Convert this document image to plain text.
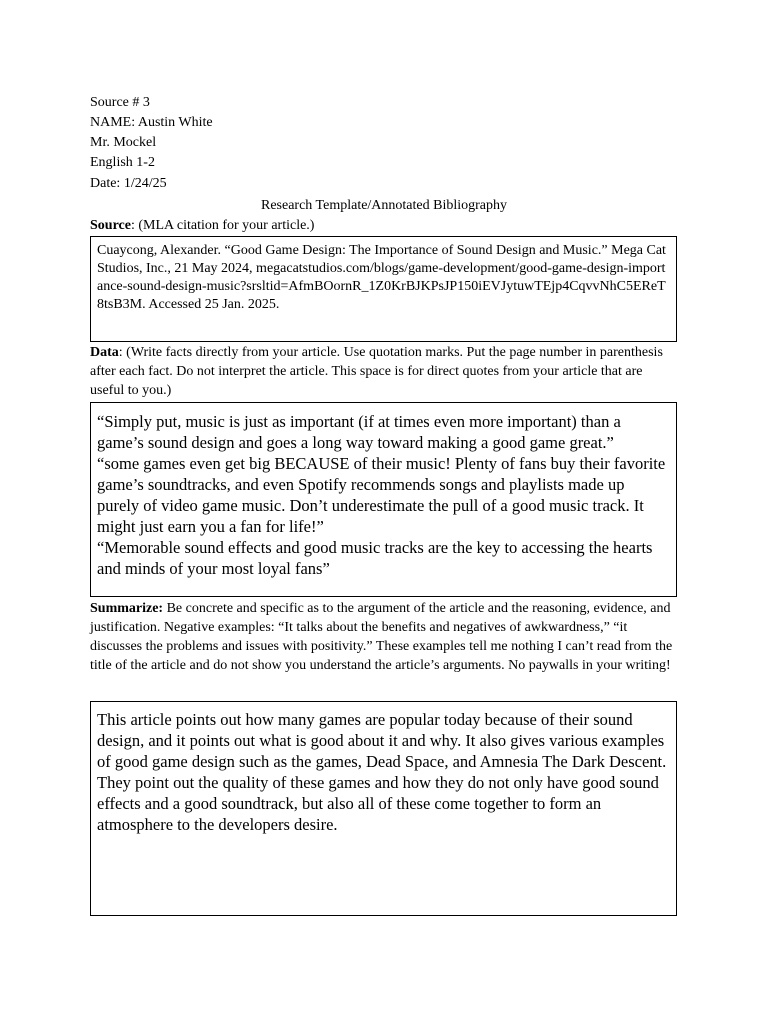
Source # 3
NAME: Austin White
Mr. Mockel
English 1-2
Date: 1/24/25
Research Template/Annotated Bibliography
Source: (MLA citation for your article.)
Cuaycong, Alexander. “Good Game Design: The Importance of Sound Design and Music.” Mega Cat Studios, Inc., 21 May 2024, megacatstudios.com/blogs/game-development/good-game-design-importance-sound-design-music?srsltid=AfmBOornR_1Z0KrBJKPsJP150iEVJytuwTEjp4CqvvNhC5EReT8tsB3M. Accessed 25 Jan. 2025.
Data: (Write facts directly from your article. Use quotation marks. Put the page number in parenthesis after each fact. Do not interpret the article. This space is for direct quotes from your article that are useful to you.)
“Simply put, music is just as important (if at times even more important) than a game’s sound design and goes a long way toward making a good game great.”
“some games even get big BECAUSE of their music! Plenty of fans buy their favorite game’s soundtracks, and even Spotify recommends songs and playlists made up purely of video game music. Don’t underestimate the pull of a good music track. It might just earn you a fan for life!”
“Memorable sound effects and good music tracks are the key to accessing the hearts and minds of your most loyal fans”
Summarize: Be concrete and specific as to the argument of the article and the reasoning, evidence, and justification. Negative examples: “It talks about the benefits and negatives of awkwardness,” “it discusses the problems and issues with positivity.” These examples tell me nothing I can’t read from the title of the article and do not show you understand the article’s arguments. No paywalls in your writing!
This article points out how many games are popular today because of their sound design, and it points out what is good about it and why. It also gives various examples of good game design such as the games, Dead Space, and Amnesia The Dark Descent. They point out the quality of these games and how they do not only have good sound effects and a good soundtrack, but also all of these come together to form an atmosphere to the developers desire.
